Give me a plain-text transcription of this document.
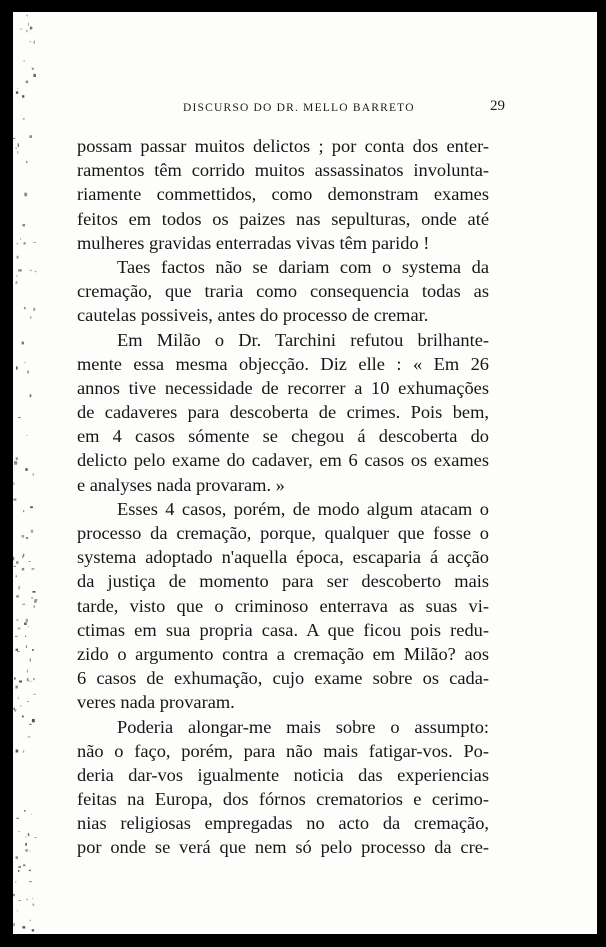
DISCURSO DO DR. MELLO BARRETO	29
possam passar muitos delictos ; por conta dos enter-
ramentos têm corrido muitos assassinatos involunta-
riamente commettidos, como demonstram exames
feitos em todos os paizes nas sepulturas, onde até
mulheres gravidas enterradas vivas têm parido !
Taes factos não se dariam com o systema da
cremação, que traria como consequencia todas as
cautelas possiveis, antes do processo de cremar.
Em Milão o Dr. Tarchini refutou brilhante-
mente essa mesma objecção. Diz elle : « Em 26
annos tive necessidade de recorrer a 10 exhumações
de cadaveres para descoberta de crimes. Pois bem,
em 4 casos sómente se chegou á descoberta do
delicto pelo exame do cadaver, em 6 casos os exames
e analyses nada provaram. »
Esses 4 casos, porém, de modo algum atacam o
processo da cremação, porque, qualquer que fosse o
systema adoptado n'aquella época, escaparia á acção
da justiça de momento para ser descoberto mais
tarde, visto que o criminoso enterrava as suas vi-
ctimas em sua propria casa. A que ficou pois redu-
zido o argumento contra a cremação em Milão? aos
6 casos de exhumação, cujo exame sobre os cada-
veres nada provaram.
Poderia alongar-me mais sobre o assumpto:
não o faço, porém, para não mais fatigar-vos. Po-
deria dar-vos igualmente noticia das experiencias
feitas na Europa, dos fórnos crematorios e cerimo-
nias religiosas empregadas no acto da cremação,
por onde se verá que nem só pelo processo da cre-
